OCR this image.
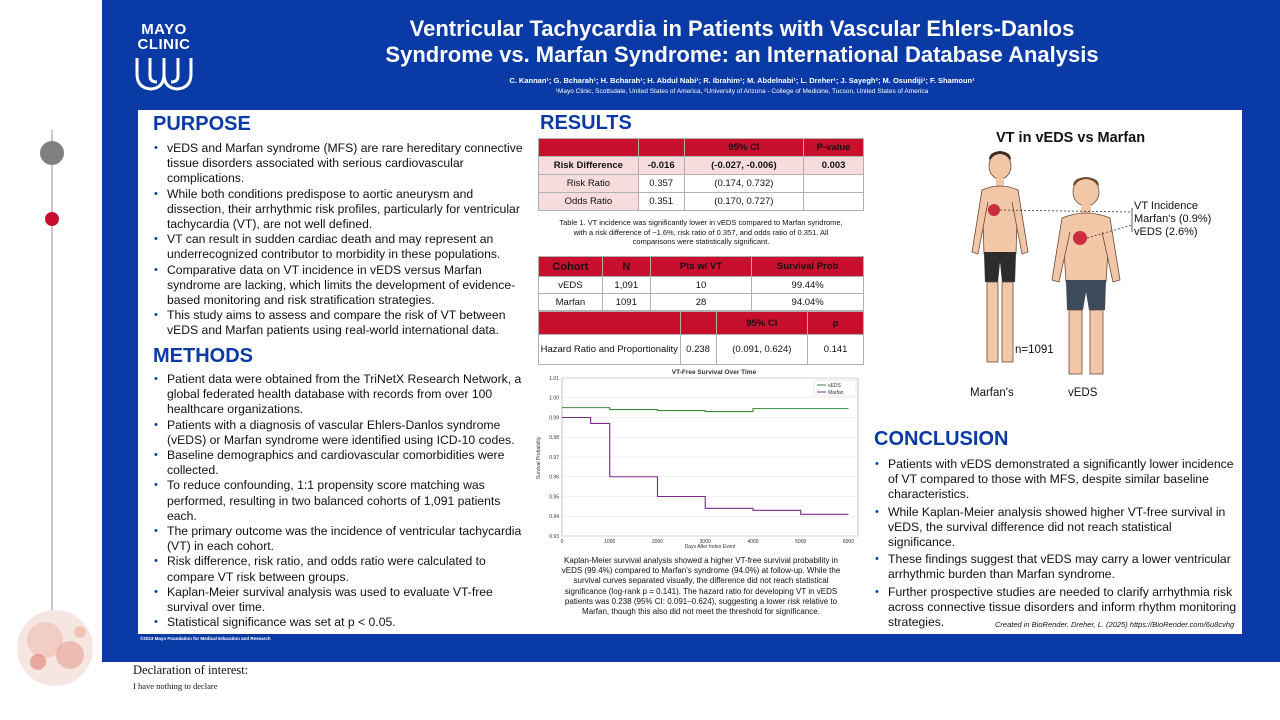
MAYO
CLINIC
Ventricular Tachycardia in Patients with Vascular Ehlers-Danlos
Syndrome vs. Marfan Syndrome: an International Database Analysis
C. Kannan¹; G. Bcharah¹; H. Bcharah¹; H. Abdul Nabi¹; R. Ibrahim¹; M. Abdelnabi¹; L. Dreher¹; J. Sayegh²; M. Osundiji¹; F. Shamoun¹
¹Mayo Clinic, Scottsdale, United States of America, ²University of Arizona - College of Medicine, Tucson, United States of America
PURPOSE
• vEDS and Marfan syndrome (MFS) are rare hereditary connective tissue disorders associated with serious cardiovascular complications.
• While both conditions predispose to aortic aneurysm and dissection, their arrhythmic risk profiles, particularly for ventricular tachycardia (VT), are not well defined.
• VT can result in sudden cardiac death and may represent an underrecognized contributor to morbidity in these populations.
• Comparative data on VT incidence in vEDS versus Marfan syndrome are lacking, which limits the development of evidence-based monitoring and risk stratification strategies.
• This study aims to assess and compare the risk of VT between vEDS and Marfan patients using real-world international data.
METHODS
• Patient data were obtained from the TriNetX Research Network, a global federated health database with records from over 100 healthcare organizations.
• Patients with a diagnosis of vascular Ehlers-Danlos syndrome (vEDS) or Marfan syndrome were identified using ICD-10 codes.
• Baseline demographics and cardiovascular comorbidities were collected.
• To reduce confounding, 1:1 propensity score matching was performed, resulting in two balanced cohorts of 1,091 patients each.
• The primary outcome was the incidence of ventricular tachycardia (VT) in each cohort.
• Risk difference, risk ratio, and odds ratio were calculated to compare VT risk between groups.
• Kaplan-Meier survival analysis was used to evaluate VT-free survival over time.
• Statistical significance was set at p < 0.05.
RESULTS
		95% CI	P-value
Risk Difference	-0.016	(-0.027, -0.006)	0.003
Risk Ratio	0.357	(0.174, 0.732)	
Odds Ratio	0.351	(0.170, 0.727)	
Table 1. VT incidence was significantly lower in vEDS compared to Marfan syndrome, with a risk difference of −1.6%, risk ratio of 0.357, and odds ratio of 0.351. All comparisons were statistically significant.
Cohort	N	Pts w/ VT	Survival Prob
vEDS	1,091	10	99.44%
Marfan	1091	28	94.04%
		95% CI	p
Hazard Ratio and Proportionality	0.238	(0.091, 0.624)	0.141
Kaplan-Meier survival analysis showed a higher VT-free survival probability in vEDS (99.4%) compared to Marfan's syndrome (94.0%) at follow-up. While the survival curves separated visually, the difference did not reach statistical significance (log-rank p = 0.141). The hazard ratio for developing VT in vEDS patients was 0.238 (95% CI: 0.091–0.624), suggesting a lower risk relative to Marfan, though this also did not meet the threshold for significance.
CONCLUSION
• Patients with vEDS demonstrated a significantly lower incidence of VT compared to those with MFS, despite similar baseline characteristics.
• While Kaplan-Meier analysis showed higher VT-free survival in vEDS, the survival difference did not reach statistical significance.
• These findings suggest that vEDS may carry a lower ventricular arrhythmic burden than Marfan syndrome.
• Further prospective studies are needed to clarify arrhythmia risk across connective tissue disorders and inform rhythm monitoring strategies.
©2023 Mayo Foundation for Medical Education and Research
VT-Free Survival Over Time
0.93
0.94
0.95
0.96
0.97
0.98
0.99
1.00
1.01
0	1000	2000	3000	4000	5000	6000
Days After Index Event
Survival Probability
vEDS
Marfan
VT in vEDS vs Marfan
VT Incidence
Marfan's (0.9%)
vEDS (2.6%)
n=1091
Marfan's	vEDS
Created in BioRender. Dreher, L. (2025) https://BioRender.com/6u8cvhg
Declaration of interest:
I have nothing to declare
